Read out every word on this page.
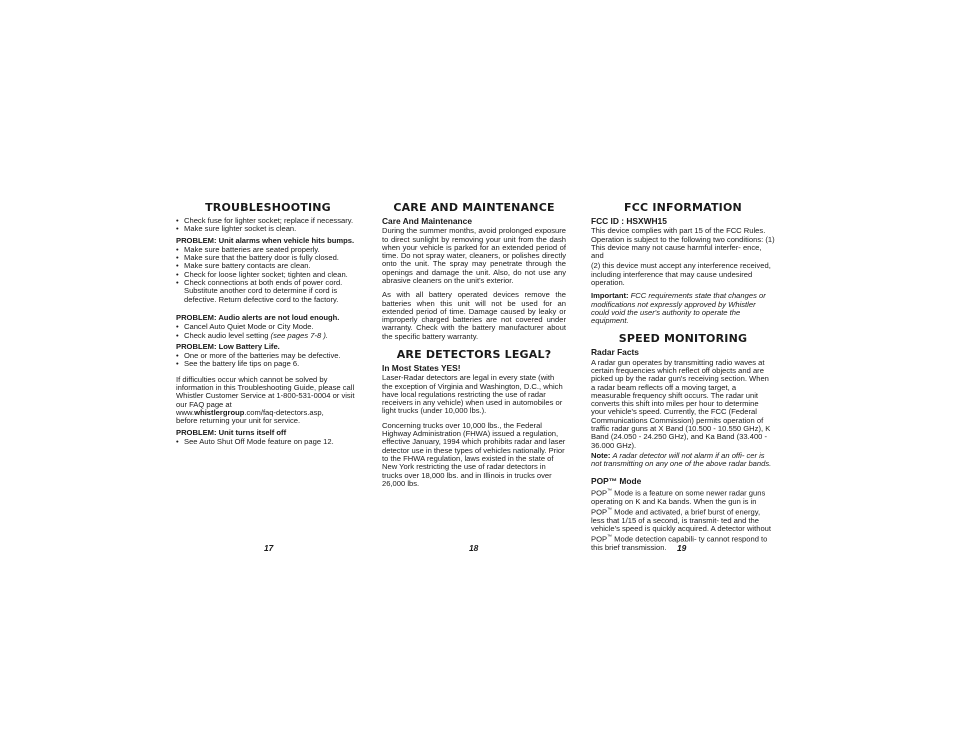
TROUBLESHOOTING
• Check fuse for lighter socket; replace if necessary.
• Make sure lighter socket is clean.

PROBLEM: Unit alarms when vehicle hits bumps.

• Make sure batteries are seated properly.
• Make sure that the battery door is fully closed.
• Make sure battery contacts are clean.
• Check for loose lighter socket; tighten and clean.
• Check connections at both ends of power cord. Substitute another cord to determine if cord is defective. Return defective cord to the factory.

PROBLEM: Audio alerts are not loud enough.

• Cancel Auto Quiet Mode or City Mode.
• Check audio level setting (see pages 7-8 ).

PROBLEM: Low Battery Life.

• One or more of the batteries may be defective.
• See the battery life tips on page 6.

If difficulties occur which cannot be solved by information in this Troubleshooting Guide, please call Whistler Customer Service at 1-800-531-0004 or visit our FAQ page at
www.whistlergroup.com/faq-detectors.asp,
before returning your unit for service.

PROBLEM: Unit turns itself off

• See Auto Shut Off Mode feature on page 12.
17
CARE AND MAINTENANCE
Care And Maintenance

During the summer months, avoid prolonged exposure to direct sunlight by removing your unit from the dash when your vehicle is parked for an extended period of time. Do not spray water, cleaners, or polishes directly onto the unit. The spray may penetrate through the openings and damage the unit. Also, do not use any abrasive cleaners on the unit's exterior.

As with all battery operated devices remove the batteries when this unit will not be used for an extended period of time. Damage caused by leaky or improperly charged batteries are not covered under warranty. Check with the battery manufacturer about the specific battery warranty.

ARE DETECTORS LEGAL?
In Most States YES!

Laser-Radar detectors are legal in every state (with the exception of Virginia and Washington, D.C., which have local regulations restricting the use of radar receivers in any vehicle) when used in automobiles or light trucks (under 10,000 lbs.).

Concerning trucks over 10,000 lbs., the Federal Highway Administration (FHWA) issued a regulation, effective January, 1994 which prohibits radar and laser detector use in these types of vehicles nationally. Prior to the FHWA regulation, laws existed in the state of New York restricting the use of radar detectors in trucks over 18,000 lbs. and in Illinois in trucks over 26,000 lbs.

18
FCC INFORMATION
FCC ID : HSXWH15

This device complies with part 15 of the FCC Rules. Operation is subject to the following two conditions: (1) This device many not cause harmful interfer- ence, and

(2) this device must accept any interference received, including interference that may cause undesired operation.

Important: FCC requirements state that changes or modifications not expressly approved by Whistler could void the user's authority to operate the equipment.

SPEED MONITORING
Radar Facts

A radar gun operates by transmitting radio waves at certain frequencies which reflect off objects and are picked up by the radar gun's receiving section. When a radar beam reflects off a moving target, a measurable frequency shift occurs. The radar unit converts this shift into miles per hour to determine your vehicle's speed. Currently, the FCC (Federal Communications Commission) permits operation of traffic radar guns at X Band (10.500 - 10.550 GHz), K Band (24.050 - 24.250 GHz), and Ka Band (33.400 - 36.000 GHz).

Note: A radar detector will not alarm if an offi- cer is not transmitting on any one of the above radar bands.

POP™ Mode

POP™ Mode is a feature on some newer radar guns operating on K and Ka bands. When the gun is in POP™ Mode and activated, a brief burst of energy, less that 1/15 of a second, is transmit- ted and the vehicle's speed is quickly acquired. A detector without POP™ Mode detection capabili- ty cannot respond to this brief transmission.	19
